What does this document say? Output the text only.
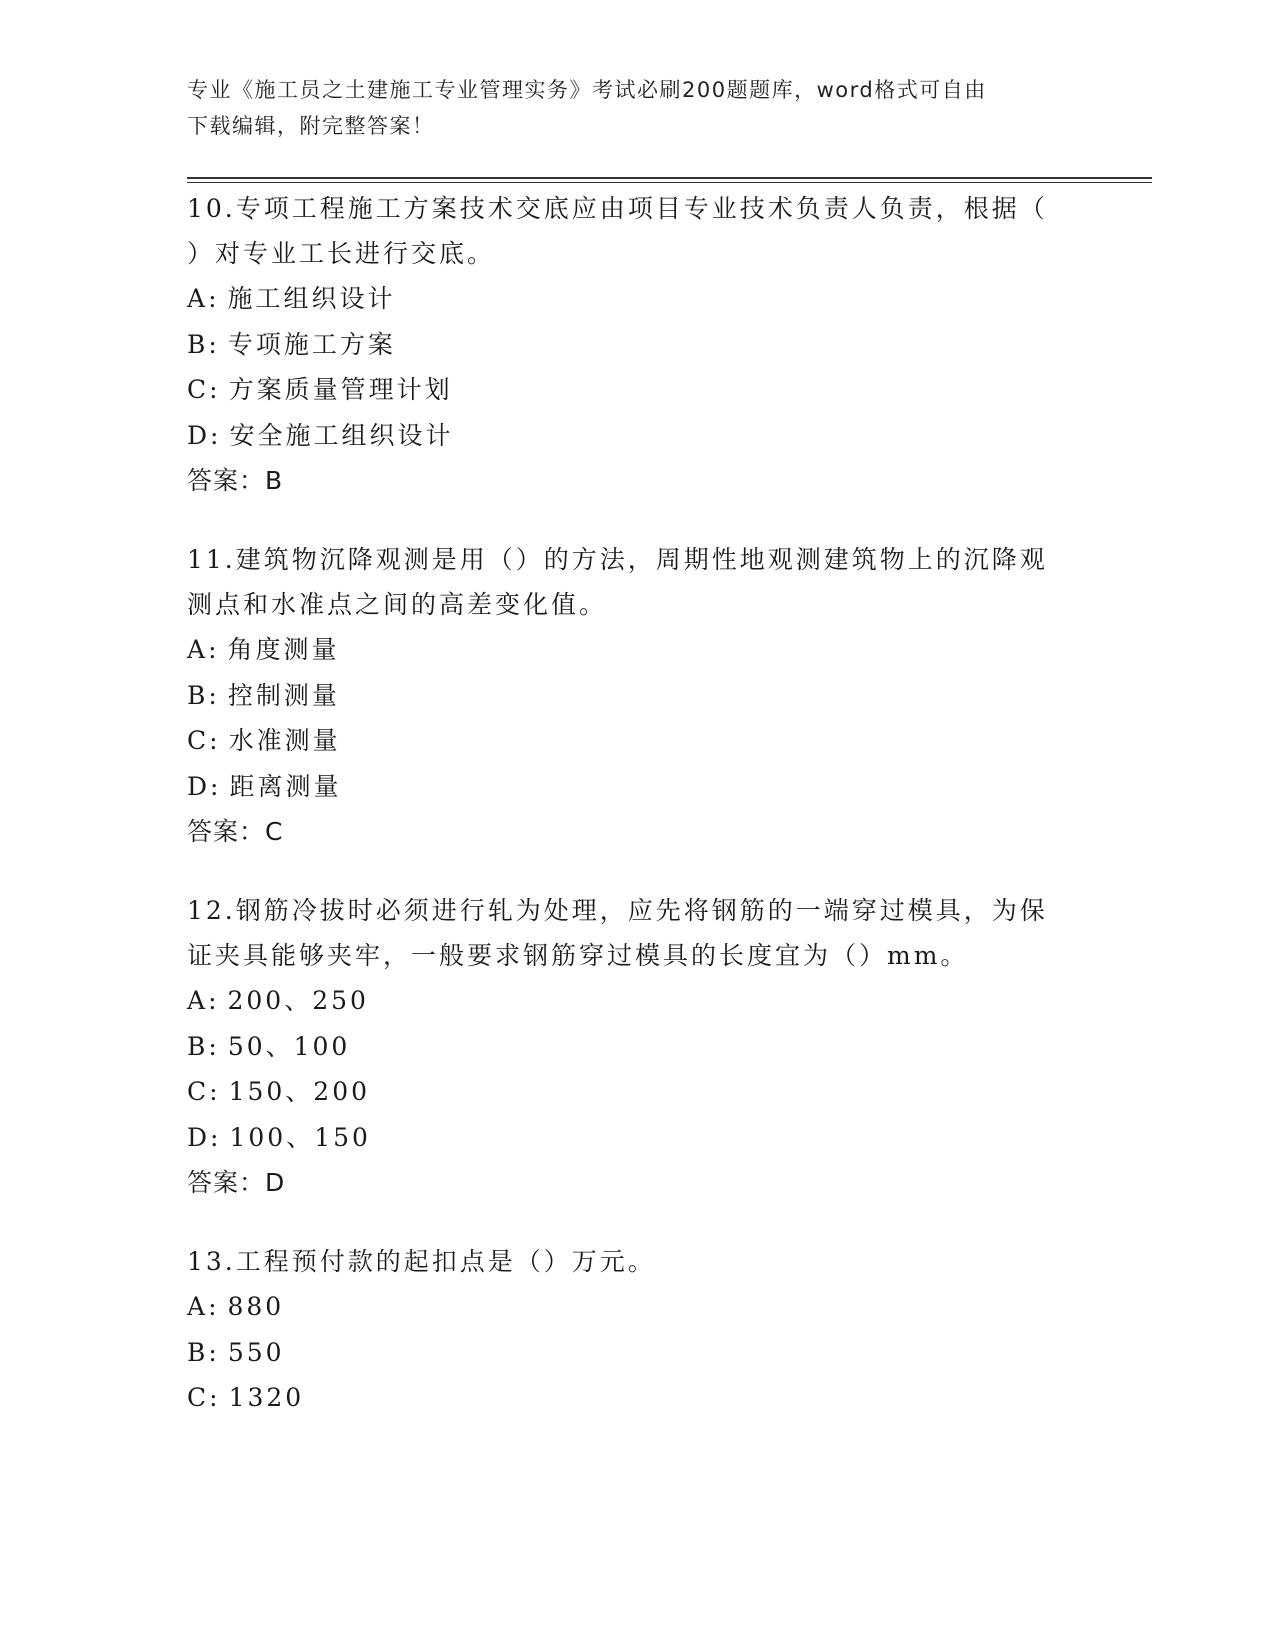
专业《施工员之土建施工专业管理实务》考试必刷200题题库，word格式可自由
下载编辑，附完整答案！

10.专项工程施工方案技术交底应由项目专业技术负责人负责，根据（

）对专业工长进行交底。

A: 施工组织设计

B: 专项施工方案

C: 方案质量管理计划

D: 安全施工组织设计

答案：B

11.建筑物沉降观测是用（）的方法，周期性地观测建筑物上的沉降观

测点和水准点之间的高差变化值。

A: 角度测量

B: 控制测量

C: 水准测量

D: 距离测量

答案：C

12.钢筋冷拔时必须进行轧为处理，应先将钢筋的一端穿过模具，为保

证夹具能够夹牢，一般要求钢筋穿过模具的长度宜为（）mm。

A: 200、250

B: 50、100

C: 150、200

D: 100、150

答案：D

13.工程预付款的起扣点是（）万元。

A: 880

B: 550

C: 1320
